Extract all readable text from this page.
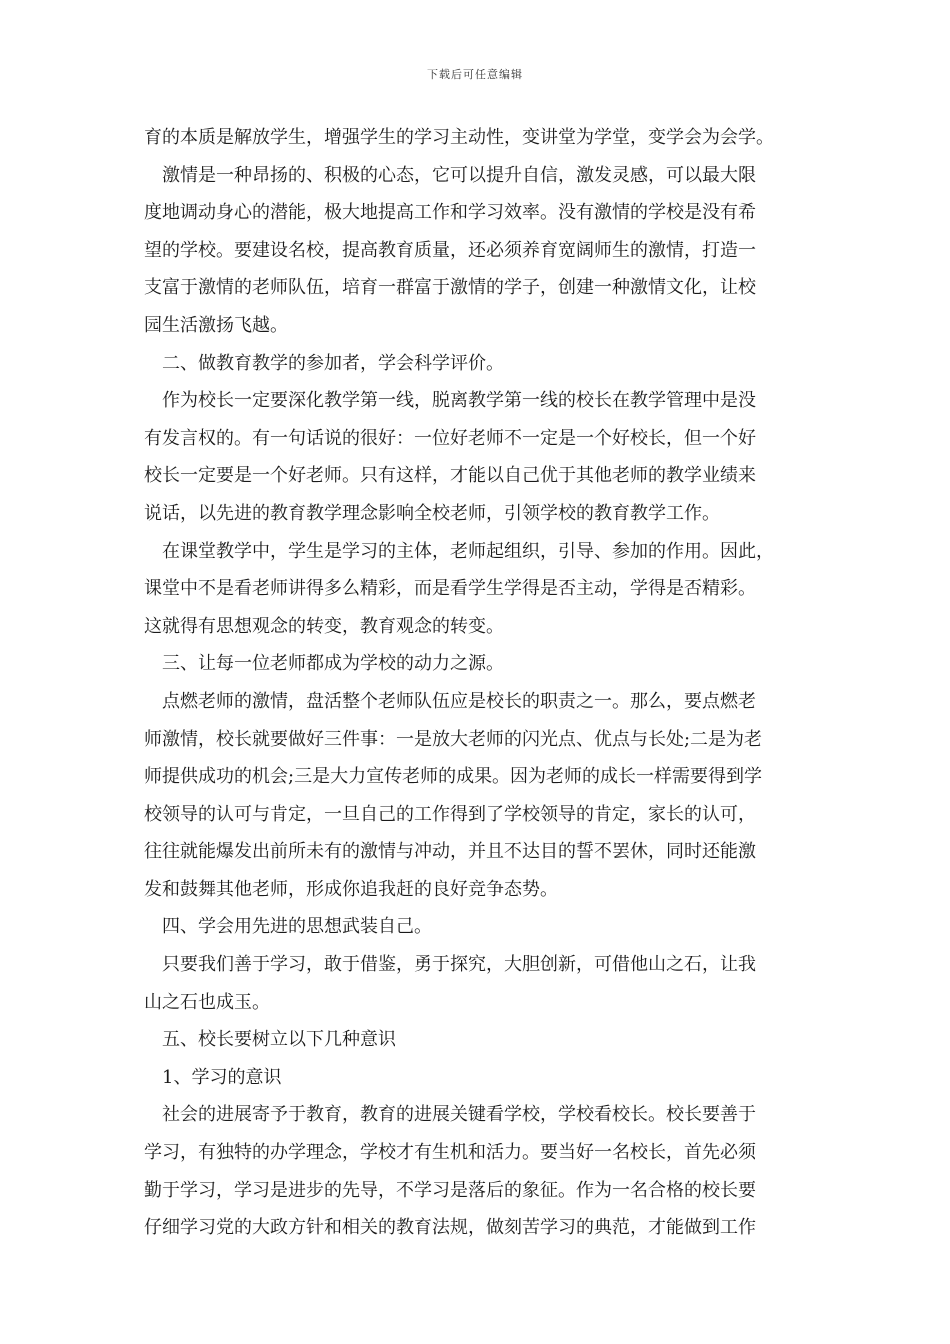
下载后可任意编辑
育的本质是解放学生，增强学生的学习主动性，变讲堂为学堂，变学会为会学。
激情是一种昂扬的、积极的心态，它可以提升自信，激发灵感，可以最大限
度地调动身心的潜能，极大地提高工作和学习效率。没有激情的学校是没有希
望的学校。要建设名校，提高教育质量，还必须养育宽阔师生的激情，打造一
支富于激情的老师队伍，培育一群富于激情的学子，创建一种激情文化，让校
园生活激扬飞越。
二、做教育教学的参加者，学会科学评价。
作为校长一定要深化教学第一线，脱离教学第一线的校长在教学管理中是没
有发言权的。有一句话说的很好：一位好老师不一定是一个好校长，但一个好
校长一定要是一个好老师。只有这样，才能以自己优于其他老师的教学业绩来
说话，以先进的教育教学理念影响全校老师，引领学校的教育教学工作。
在课堂教学中，学生是学习的主体，老师起组织，引导、参加的作用。因此，
课堂中不是看老师讲得多么精彩，而是看学生学得是否主动，学得是否精彩。
这就得有思想观念的转变，教育观念的转变。
三、让每一位老师都成为学校的动力之源。
点燃老师的激情，盘活整个老师队伍应是校长的职责之一。那么，要点燃老
师激情，校长就要做好三件事：一是放大老师的闪光点、优点与长处;二是为老
师提供成功的机会;三是大力宣传老师的成果。因为老师的成长一样需要得到学
校领导的认可与肯定，一旦自己的工作得到了学校领导的肯定，家长的认可，
往往就能爆发出前所未有的激情与冲动，并且不达目的誓不罢休，同时还能激
发和鼓舞其他老师，形成你追我赶的良好竞争态势。
四、学会用先进的思想武装自己。
只要我们善于学习，敢于借鉴，勇于探究，大胆创新，可借他山之石，让我
山之石也成玉。
五、校长要树立以下几种意识
1、学习的意识
社会的进展寄予于教育，教育的进展关键看学校，学校看校长。校长要善于
学习，有独特的办学理念，学校才有生机和活力。要当好一名校长，首先必须
勤于学习，学习是进步的先导，不学习是落后的象征。作为一名合格的校长要
仔细学习党的大政方针和相关的教育法规，做刻苦学习的典范，才能做到工作
